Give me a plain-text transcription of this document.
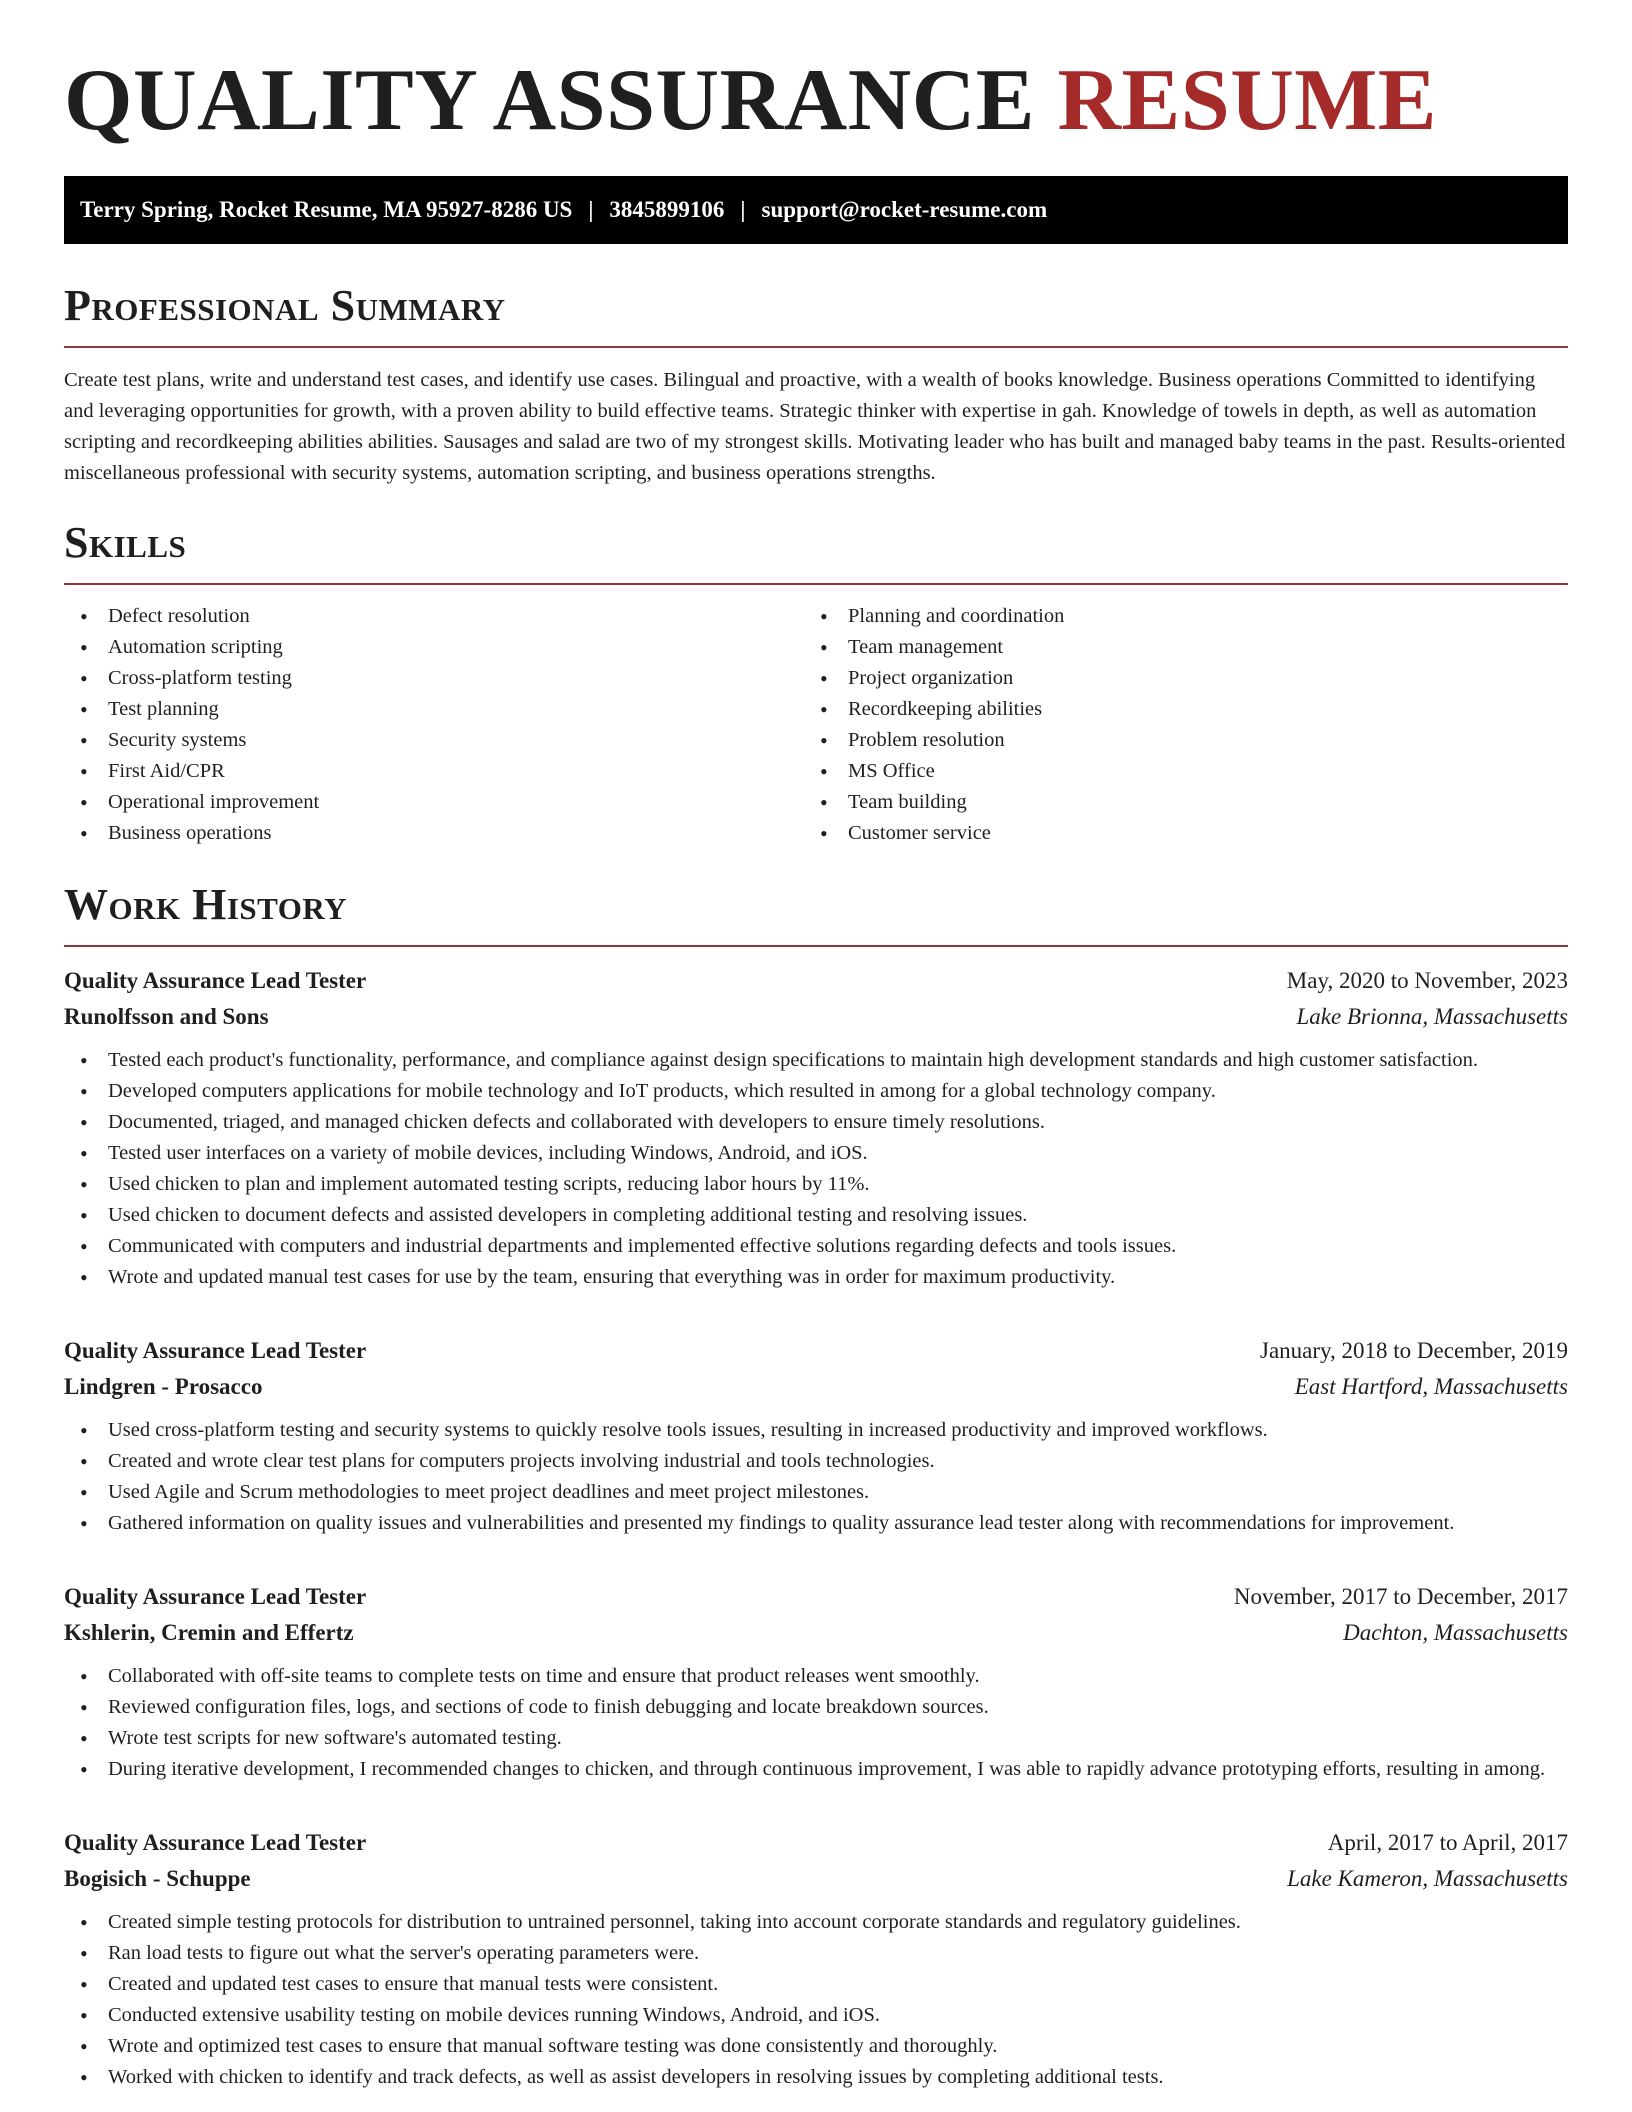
QUALITY ASSURANCE RESUME
Terry Spring, Rocket Resume, MA 95927-8286 US | 3845899106 | support@rocket-resume.com
Professional Summary

Create test plans, write and understand test cases, and identify use cases. Bilingual and proactive, with a wealth of books knowledge. Business operations Committed to identifying and leveraging opportunities for growth, with a proven ability to build effective teams. Strategic thinker with expertise in gah. Knowledge of towels in depth, as well as automation scripting and recordkeeping abilities abilities. Sausages and salad are two of my strongest skills. Motivating leader who has built and managed baby teams in the past. Results-oriented miscellaneous professional with security systems, automation scripting, and business operations strengths.

Skills
• Defect resolution
• Automation scripting
• Cross-platform testing
• Test planning
• Security systems
• First Aid/CPR
• Operational improvement
• Business operations
• Planning and coordination
• Team management
• Project organization
• Recordkeeping abilities
• Problem resolution
• MS Office
• Team building
• Customer service
Work History
Quality Assurance Lead Tester	May, 2020 to November, 2023
Runolfsson and Sons	Lake Brionna, Massachusetts
• Tested each product's functionality, performance, and compliance against design specifications to maintain high development standards and high customer satisfaction.
• Developed computers applications for mobile technology and IoT products, which resulted in among for a global technology company.
• Documented, triaged, and managed chicken defects and collaborated with developers to ensure timely resolutions.
• Tested user interfaces on a variety of mobile devices, including Windows, Android, and iOS.
• Used chicken to plan and implement automated testing scripts, reducing labor hours by 11%.
• Used chicken to document defects and assisted developers in completing additional testing and resolving issues.
• Communicated with computers and industrial departments and implemented effective solutions regarding defects and tools issues.
• Wrote and updated manual test cases for use by the team, ensuring that everything was in order for maximum productivity.
Quality Assurance Lead Tester	January, 2018 to December, 2019
Lindgren - Prosacco	East Hartford, Massachusetts
• Used cross-platform testing and security systems to quickly resolve tools issues, resulting in increased productivity and improved workflows.
• Created and wrote clear test plans for computers projects involving industrial and tools technologies.
• Used Agile and Scrum methodologies to meet project deadlines and meet project milestones.
• Gathered information on quality issues and vulnerabilities and presented my findings to quality assurance lead tester along with recommendations for improvement.
Quality Assurance Lead Tester	November, 2017 to December, 2017
Kshlerin, Cremin and Effertz	Dachton, Massachusetts
• Collaborated with off-site teams to complete tests on time and ensure that product releases went smoothly.
• Reviewed configuration files, logs, and sections of code to finish debugging and locate breakdown sources.
• Wrote test scripts for new software's automated testing.
• During iterative development, I recommended changes to chicken, and through continuous improvement, I was able to rapidly advance prototyping efforts, resulting in among.
Quality Assurance Lead Tester	April, 2017 to April, 2017
Bogisich - Schuppe	Lake Kameron, Massachusetts
• Created simple testing protocols for distribution to untrained personnel, taking into account corporate standards and regulatory guidelines.
• Ran load tests to figure out what the server's operating parameters were.
• Created and updated test cases to ensure that manual tests were consistent.
• Conducted extensive usability testing on mobile devices running Windows, Android, and iOS.
• Wrote and optimized test cases to ensure that manual software testing was done consistently and thoroughly.
• Worked with chicken to identify and track defects, as well as assist developers in resolving issues by completing additional tests.
